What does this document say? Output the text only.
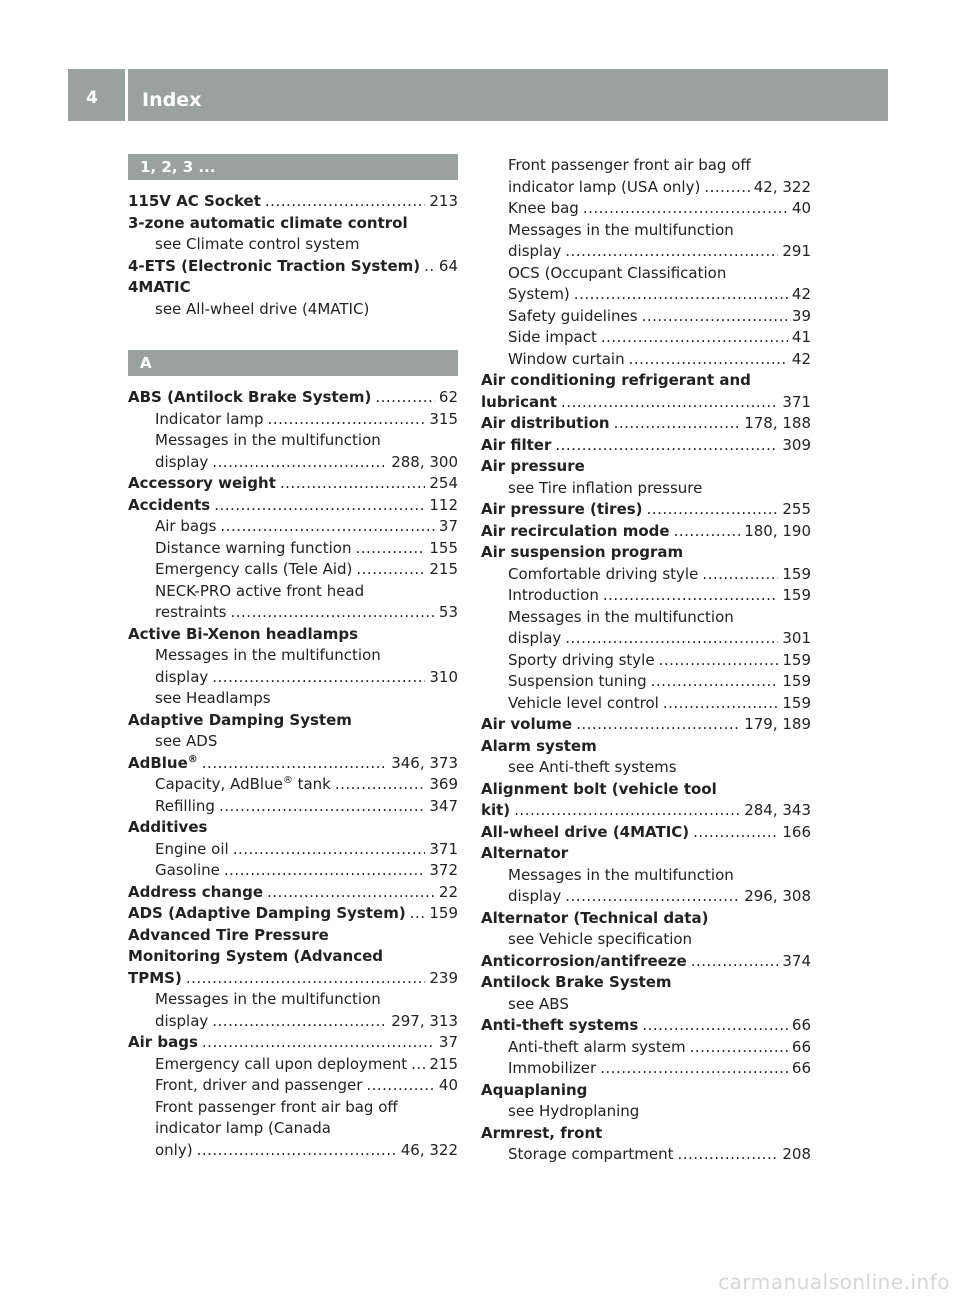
4 Index
1, 2, 3 ...
115V AC Socket .....	213
3-zone automatic climate control
see Climate control system
4-ETS (Electronic Traction System) ..... 64
4MATIC
see All-wheel drive (4MATIC)
A
ABS (Antilock Brake System) .....	62
Indicator lamp .....	315
Messages in the multifunction
display .....	288, 300
Accessory weight .....	254
Accidents .....	112
Air bags .....	37
Distance warning function .....	155
Emergency calls (Tele Aid) .....	215
NECK-PRO active front head
restraints .....	53
Active Bi-Xenon headlamps
Messages in the multifunction
display .....	310
see Headlamps
Adaptive Damping System
see ADS
AdBlue® .....	346, 373
Capacity, AdBlue® tank .....	369
Refilling .....	347
Additives
Engine oil .....	371
Gasoline .....	372
Address change .....	22
ADS (Adaptive Damping System) ..... 159
Advanced Tire Pressure
Monitoring System (Advanced
TPMS) .....	239
Messages in the multifunction
display .....	297, 313
Air bags .....	37
Emergency call upon deployment ..... 215
Front, driver and passenger .....	40
Front passenger front air bag off
indicator lamp (Canada
only) .....	46, 322
Front passenger front air bag off
indicator lamp (USA only) .....	42, 322
Knee bag .....	40
Messages in the multifunction
display .....	291
OCS (Occupant Classification
System) .....	42
Safety guidelines .....	39
Side impact .....	41
Window curtain .....	42
Air conditioning refrigerant and
lubricant .....	371
Air distribution .....	178, 188
Air filter .....	309
Air pressure
see Tire inflation pressure
Air pressure (tires) .....	255
Air recirculation mode .....	180, 190
Air suspension program
Comfortable driving style .....	159
Introduction .....	159
Messages in the multifunction
display .....	301
Sporty driving style .....	159
Suspension tuning .....	159
Vehicle level control .....	159
Air volume .....	179, 189
Alarm system
see Anti-theft systems
Alignment bolt (vehicle tool
kit) .....	284, 343
All-wheel drive (4MATIC) .....	166
Alternator
Messages in the multifunction
display .....	296, 308
Alternator (Technical data)
see Vehicle specification
Anticorrosion/antifreeze .....	374
Antilock Brake System
see ABS
Anti-theft systems .....	66
Anti-theft alarm system .....	66
Immobilizer .....	66
Aquaplaning
see Hydroplaning
Armrest, front
Storage compartment .....	208
carmanualsonline.info
